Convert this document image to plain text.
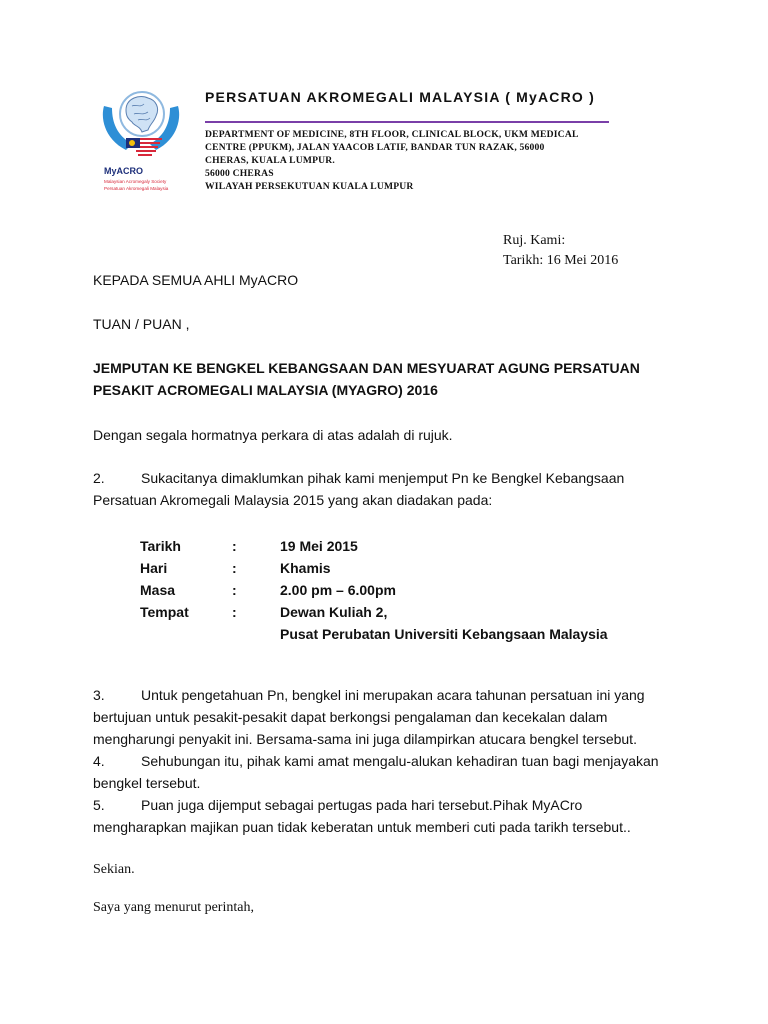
MyACRO
Malaysian Acromegaly Society
Persatuan Akromegali Malaysia
PERSATUAN AKROMEGALI MALAYSIA ( MyACRO )
DEPARTMENT OF MEDICINE, 8TH FLOOR, CLINICAL BLOCK, UKM MEDICAL
CENTRE (PPUKM), JALAN YAACOB LATIF, BANDAR TUN RAZAK, 56000
CHERAS, KUALA LUMPUR.
56000 CHERAS
WILAYAH PERSEKUTUAN KUALA LUMPUR
Ruj. Kami:
Tarikh: 16 Mei 2016
KEPADA SEMUA AHLI MyACRO
TUAN / PUAN ,
JEMPUTAN KE BENGKEL KEBANGSAAN DAN MESYUARAT AGUNG PERSATUAN
PESAKIT ACROMEGALI MALAYSIA (MYAGRO) 2016
Dengan segala hormatnya perkara di atas adalah di rujuk.
2.	Sukacitanya dimaklumkan pihak kami menjemput Pn ke Bengkel Kebangsaan
Persatuan Akromegali Malaysia 2015 yang akan diadakan pada:
Tarikh	:	19 Mei 2015
Hari	:	Khamis
Masa	:	2.00 pm – 6.00pm
Tempat	:	Dewan Kuliah 2,
Pusat Perubatan Universiti Kebangsaan Malaysia
3.	Untuk pengetahuan Pn, bengkel ini merupakan acara tahunan persatuan ini yang
bertujuan untuk pesakit-pesakit dapat berkongsi pengalaman dan kecekalan dalam
mengharungi penyakit ini. Bersama-sama ini juga dilampirkan atucara bengkel tersebut.
4.	Sehubungan itu, pihak kami amat mengalu-alukan kehadiran tuan bagi menjayakan
bengkel tersebut.
5.	Puan juga dijemput sebagai pertugas pada hari tersebut.Pihak MyACro
mengharapkan majikan puan tidak keberatan untuk memberi cuti pada tarikh tersebut..
Sekian.
Saya yang menurut perintah,
